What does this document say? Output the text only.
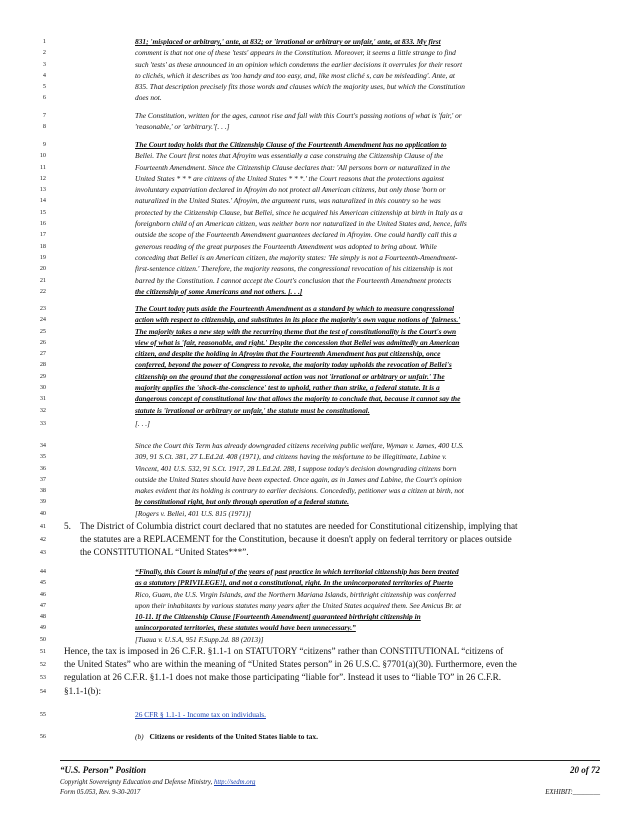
1
2
3
4
5
6
831; 'misplaced or arbitrary,' ante, at 832; or 'irrational or arbitrary or unfair,' ante, at 833. My first
comment is that not one of these 'tests' appears in the Constitution. Moreover, it seems a little strange to find
such 'tests' as these announced in an opinion which condemns the earlier decisions it overrules for their resort
to clichés, which it describes as 'too handy and too easy, and, like most cliché s, can be misleading'. Ante, at
835. That description precisely fits those words and clauses which the majority uses, but which the Constitution
does not.
7
8
The Constitution, written for the ages, cannot rise and fall with this Court's passing notions of what is 'fair,' or
'reasonable,' or 'arbitrary.'[. . .]
9
10
11
12
13
14
15
16
17
18
19
20
21
22
The Court today holds that the Citizenship Clause of the Fourteenth Amendment has no application to
Bellei. The Court first notes that Afroyim was essentially a case construing the Citizenship Clause of the
Fourteenth Amendment. Since the Citizenship Clause declares that: 'All persons born or naturalized in the
United States * * * are citizens of the United States * * *.' the Court reasons that the protections against
involuntary expatriation declared in Afroyim do not protect all American citizens, but only those 'born or
naturalized in the United States.' Afroyim, the argument runs, was naturalized in this country so he was
protected by the Citizenship Clause, but Bellei, since he acquired his American citizenship at birth in Italy as a
foreignborn child of an American citizen, was neither born nor naturalized in the United States and, hence, falls
outside the scope of the Fourteenth Amendment guarantees declared in Afroyim. One could hardly call this a
generous reading of the great purposes the Fourteenth Amendment was adopted to bring about. While
conceding that Bellei is an American citizen, the majority states: 'He simply is not a Fourteenth-Amendment-
first-sentence citizen.' Therefore, the majority reasons, the congressional revocation of his citizenship is not
barred by the Constitution. I cannot accept the Court's conclusion that the Fourteenth Amendment protects
the citizenship of some Americans and not others. [. . .]
23
24
25
26
27
28
29
30
31
32
The Court today puts aside the Fourteenth Amendment as a standard by which to measure congressional
action with respect to citizenship, and substitutes in its place the majority's own vague notions of 'fairness.'
The majority takes a new step with the recurring theme that the test of constitutionality is the Court's own
view of what is 'fair, reasonable, and right.' Despite the concession that Bellei was admittedly an American
citizen, and despite the holding in Afroyim that the Fourteenth Amendment has put citizenship, once
conferred, beyond the power of Congress to revoke, the majority today upholds the revocation of Bellei's
citizenship on the ground that the congressional action was not 'irrational or arbitrary or unfair.' The
majority applies the 'shock-the-conscience' test to uphold, rather than strike, a federal statute. It is a
dangerous concept of constitutional law that allows the majority to conclude that, because it cannot say the
statute is 'irrational or arbitrary or unfair,' the statute must be constitutional.
33	[. . .]
34
35
36
37
38
39
40
Since the Court this Term has already downgraded citizens receiving public welfare, Wyman v. James, 400 U.S.
309, 91 S.Ct. 381, 27 L.Ed.2d. 408 (1971), and citizens having the misfortune to be illegitimate, Labine v.
Vincent, 401 U.S. 532, 91 S.Ct. 1917, 28 L.Ed.2d. 288, I suppose today's decision downgrading citizens born
outside the United States should have been expected. Once again, as in James and Labine, the Court's opinion
makes evident that its holding is contrary to earlier decisions. Concededly, petitioner was a citizen at birth, not
by constitutional right, but only through operation of a federal statute.
[Rogers v. Bellei, 401 U.S. 815 (1971)]
41
42
43
5. The District of Columbia district court declared that no statutes are needed for Constitutional citizenship, implying that
the statutes are a REPLACEMENT for the Constitution, because it doesn't apply on federal territory or places outside
the CONSTITUTIONAL “United States***”.
44
45
46
47
48
49
50
“Finally, this Court is mindful of the years of past practice in which territorial citizenship has been treated
as a statutory [PRIVILEGE!], and not a constitutional, right. In the unincorporated territories of Puerto
Rico, Guam, the U.S. Virgin Islands, and the Northern Mariana Islands, birthright citizenship was conferred
upon their inhabitants by various statutes many years after the United States acquired them. See Amicus Br. at
10-11. If the Citizenship Clause [Fourteenth Amendment] guaranteed birthright citizenship in
unincorporated territories, these statutes would have been unnecessary.”
[Tuaua v. U.S.A, 951 F.Supp.2d. 88 (2013)]
51
52
53
54
Hence, the tax is imposed in 26 C.F.R. §1.1-1 on STATUTORY “citizens” rather than CONSTITUTIONAL “citizens of
the United States” who are within the meaning of “United States person” in 26 U.S.C. §7701(a)(30). Furthermore, even the
regulation at 26 C.F.R. §1.1-1 does not make those participating “liable for”. Instead it uses to “liable TO” in 26 C.F.R.
§1.1-1(b):
55	26 CFR § 1.1-1 - Income tax on individuals.
56	(b) Citizens or residents of the United States liable to tax.
“U.S. Person” Position	20 of 72
Copyright Sovereignty Education and Defense Ministry, http://sedm.org
Form 05.053, Rev. 9-30-2017	EXHIBIT:________
